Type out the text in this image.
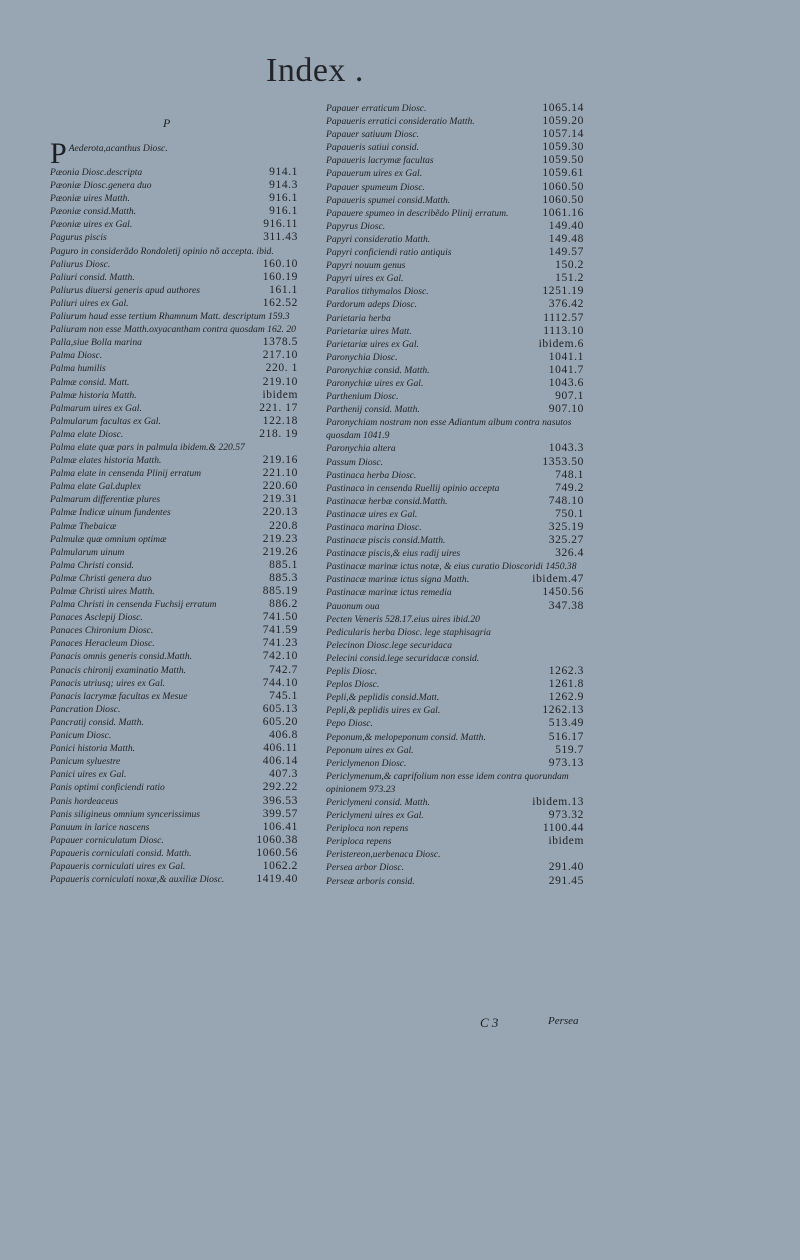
Index .
P
P Aederota,acanthus Diosc.
Pæonia Diosc.descripta	914.1
Pæoniæ Diosc.genera duo	914.3
Pæoniæ uires Matth.	916.1
Pæoniæ consid.Matth.	916.1
Pæoniæ uires ex Gal.	916.11
Pagurus piscis	311.43
Paguro in considerãdo Rondoletij opinio nõ accepta. ibid.
Paliurus Diosc.	160.10
Paliuri consid. Matth.	160.19
Paliurus diuersi generis apud authores	161.1
Paliuri uires ex Gal.	162.52
Paliurum haud esse tertium Rhamnum Matt. descriptum 159.3
Paliuram non esse Matth.oxyacantham contra quosdam 162. 20
Palla,siue Bolla marina	1378.5
Palma Diosc.	217.10
Palma humilis	220. 1
Palmæ consid. Matt.	219.10
Palmæ historia Matth.	ibidem
Palmarum uires ex Gal.	221. 17
Palmularum facultas ex Gal.	122.18
Palma elate Diosc.	218. 19
Palma elate quæ pars in palmula ibidem.& 220.57
Palmæ elates historia Matth.	219.16
Palma elate in censenda Plinij erratum	221.10
Palma elate Gal.duplex	220.60
Palmarum differentiæ plures	219.31
Palmæ Indicæ uinum fundentes	220.13
Palmæ Thebaicæ	220.8
Palmulæ quæ omnium optimæ	219.23
Palmularum uinum	219.26
Palma Christi consid.	885.1
Palmæ Christi genera duo	885.3
Palmæ Christi uires Matth.	885.19
Palma Christi in censenda Fuchsij erratum	886.2
Panaces Asclepij Diosc.	741.50
Panaces Chironium Diosc.	741.59
Panaces Heracleum Diosc.	741.23
Panacis omnis generis consid.Matth.	742.10
Panacis chironij examinatio Matth.	742.7
Panacis utriusq; uires ex Gal.	744.10
Panacis lacrymæ facultas ex Mesue	745.1
Pancration Diosc.	605.13
Pancratij consid. Matth.	605.20
Panicum Diosc.	406.8
Panici historia Matth.	406.11
Panicum syluestre	406.14
Panici uires ex Gal.	407.3
Panis optimi conficiendi ratio	292.22
Panis hordeaceus	396.53
Panis siligineus omnium syncerissimus	399.57
Panuum in larice nascens	106.41
Papauer corniculatum Diosc.	1060.38
Papaueris corniculati consid. Matth.	1060.56
Papaueris corniculati uires ex Gal.	1062.2
Papaueris corniculati noxæ,& auxiliæ Diosc.	1419.40
Papauer erraticum Diosc.	1065.14
Papaueris erratici consideratio Matth.	1059.20
Papauer satiuum Diosc.	1057.14
Papaueris satiui consid.	1059.30
Papaueris lacrymæ facultas	1059.50
Papauerum uires ex Gal.	1059.61
Papauer spumeum Diosc.	1060.50
Papaueris spumei consid.Matth.	1060.50
Papauere spumeo in describẽdo Plinij erratum.	1061.16
Papyrus Diosc.	149.40
Papyri consideratio Matth.	149.48
Papyri conficiendi ratio antiquis	149.57
Papyri nouum genus	150.2
Papyri uires ex Gal.	151.2
Paralios tithymalos Diosc.	1251.19
Pardorum adeps Diosc.	376.42
Parietaria herba	1112.57
Parietariæ uires Matt.	1113.10
Parietariæ uires ex Gal.	ibidem.6
Paronychia Diosc.	1041.1
Paronychiæ consid. Matth.	1041.7
Paronychiæ uires ex Gal.	1043.6
Parthenium Diosc.	907.1
Parthenij consid. Matth.	907.10
Paronychiam nostram non esse Adiantum album contra nasutos quosdam 1041.9
Paronychia altera	1043.3
Passum Diosc.	1353.50
Pastinaca herba Diosc.	748.1
Pastinaca in censenda Ruellij opinio accepta	749.2
Pastinacæ herbæ consid.Matth.	748.10
Pastinacæ uires ex Gal.	750.1
Pastinaca marina Diosc.	325.19
Pastinacæ piscis consid.Matth.	325.27
Pastinacæ piscis,& eius radij uires	326.4
Pastinacæ marinæ ictus notæ, & eius curatio Dioscoridi 1450.38
Pastinacæ marinæ ictus signa Matth.	ibidem.47
Pastinacæ marinæ ictus remedia	1450.56
Pauonum oua	347.38
Pecten Veneris 528.17.eius uires ibid.20
Pedicularis herba Diosc. lege staphisagria
Pelecinon Diosc.lege securidaca
Pelecini consid.lege securidacæ consid.
Peplis Diosc.	1262.3
Peplos Diosc.	1261.8
Pepli,& peplidis consid.Matt.	1262.9
Pepli,& peplidis uires ex Gal.	1262.13
Pepo Diosc.	513.49
Peponum,& melopeponum consid. Matth.	516.17
Peponum uires ex Gal.	519.7
Periclymenon Diosc.	973.13
Periclymenum,& caprifolium non esse idem contra quorundam opinionem 973.23
Periclymeni consid. Matth.	ibidem.13
Periclymeni uires ex Gal.	973.32
Periploca non repens	1100.44
Periploca repens	ibidem
Peristereon,uerbenaca Diosc.
Persea arbor Diosc.	291.40
Perseæ arboris consid.	291.45
C 3	Persea
